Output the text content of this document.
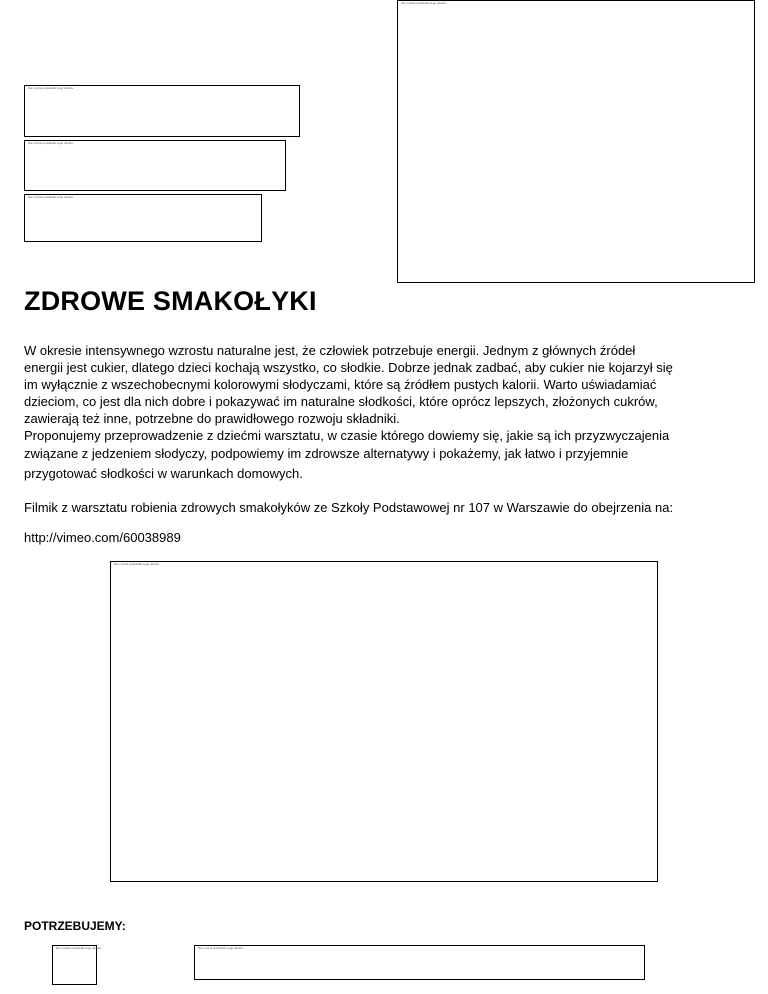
Nie można wyświetlić tego obrazu.
Nie można wyświetlić tego obrazu.
Nie można wyświetlić tego obrazu.
Nie można wyświetlić tego obrazu.
ZDROWE SMAKOŁYKI
W okresie intensywnego wzrostu naturalne jest, że człowiek potrzebuje energii. Jednym z głównych źródeł
energii jest cukier, dlatego dzieci kochają wszystko, co słodkie. Dobrze jednak zadbać, aby cukier nie kojarzył się
im wyłącznie z wszechobecnymi kolorowymi słodyczami, które są źródłem pustych kalorii. Warto uświadamiać
dzieciom, co jest dla nich dobre i pokazywać im naturalne słodkości, które oprócz lepszych, złożonych cukrów,
zawierają też inne, potrzebne do prawidłowego rozwoju składniki.
Proponujemy przeprowadzenie z dziećmi warsztatu, w czasie którego dowiemy się, jakie są ich przyzwyczajenia
związane z jedzeniem słodyczy, podpowiemy im zdrowsze alternatywy i pokażemy, jak łatwo i przyjemnie
przygotować słodkości w warunkach domowych.

Filmik z warsztatu robienia zdrowych smakołyków ze Szkoły Podstawowej nr 107 w Warszawie do obejrzenia na:

http://vimeo.com/60038989

Nie można wyświetlić tego obrazu.

POTRZEBUJEMY:

Nie można wyświetlić tego obrazu.	Nie można wyświetlić tego obrazu.
